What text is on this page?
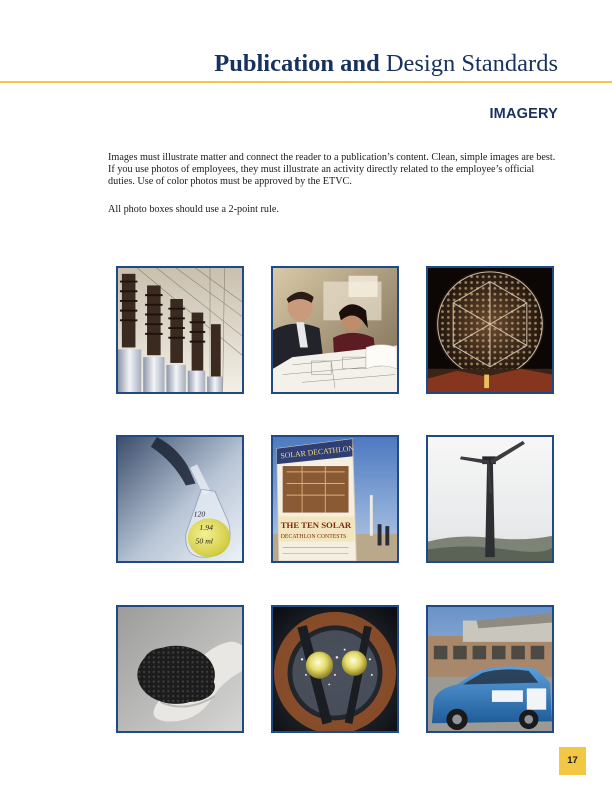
Publication and Design Standards
IMAGERY

Images must illustrate matter and connect the reader to a publication’s content. Clean, simple images are best. If you use photos of employees, they must illustrate an activity directly related to the employee’s official duties. Use of color photos must be approved by the ETVC.

All photo boxes should use a 2-point rule.

120
1.94
50 ml
SOLAR DECATHLON
THE TEN SOLAR
DECATHLON CONTESTS
17
